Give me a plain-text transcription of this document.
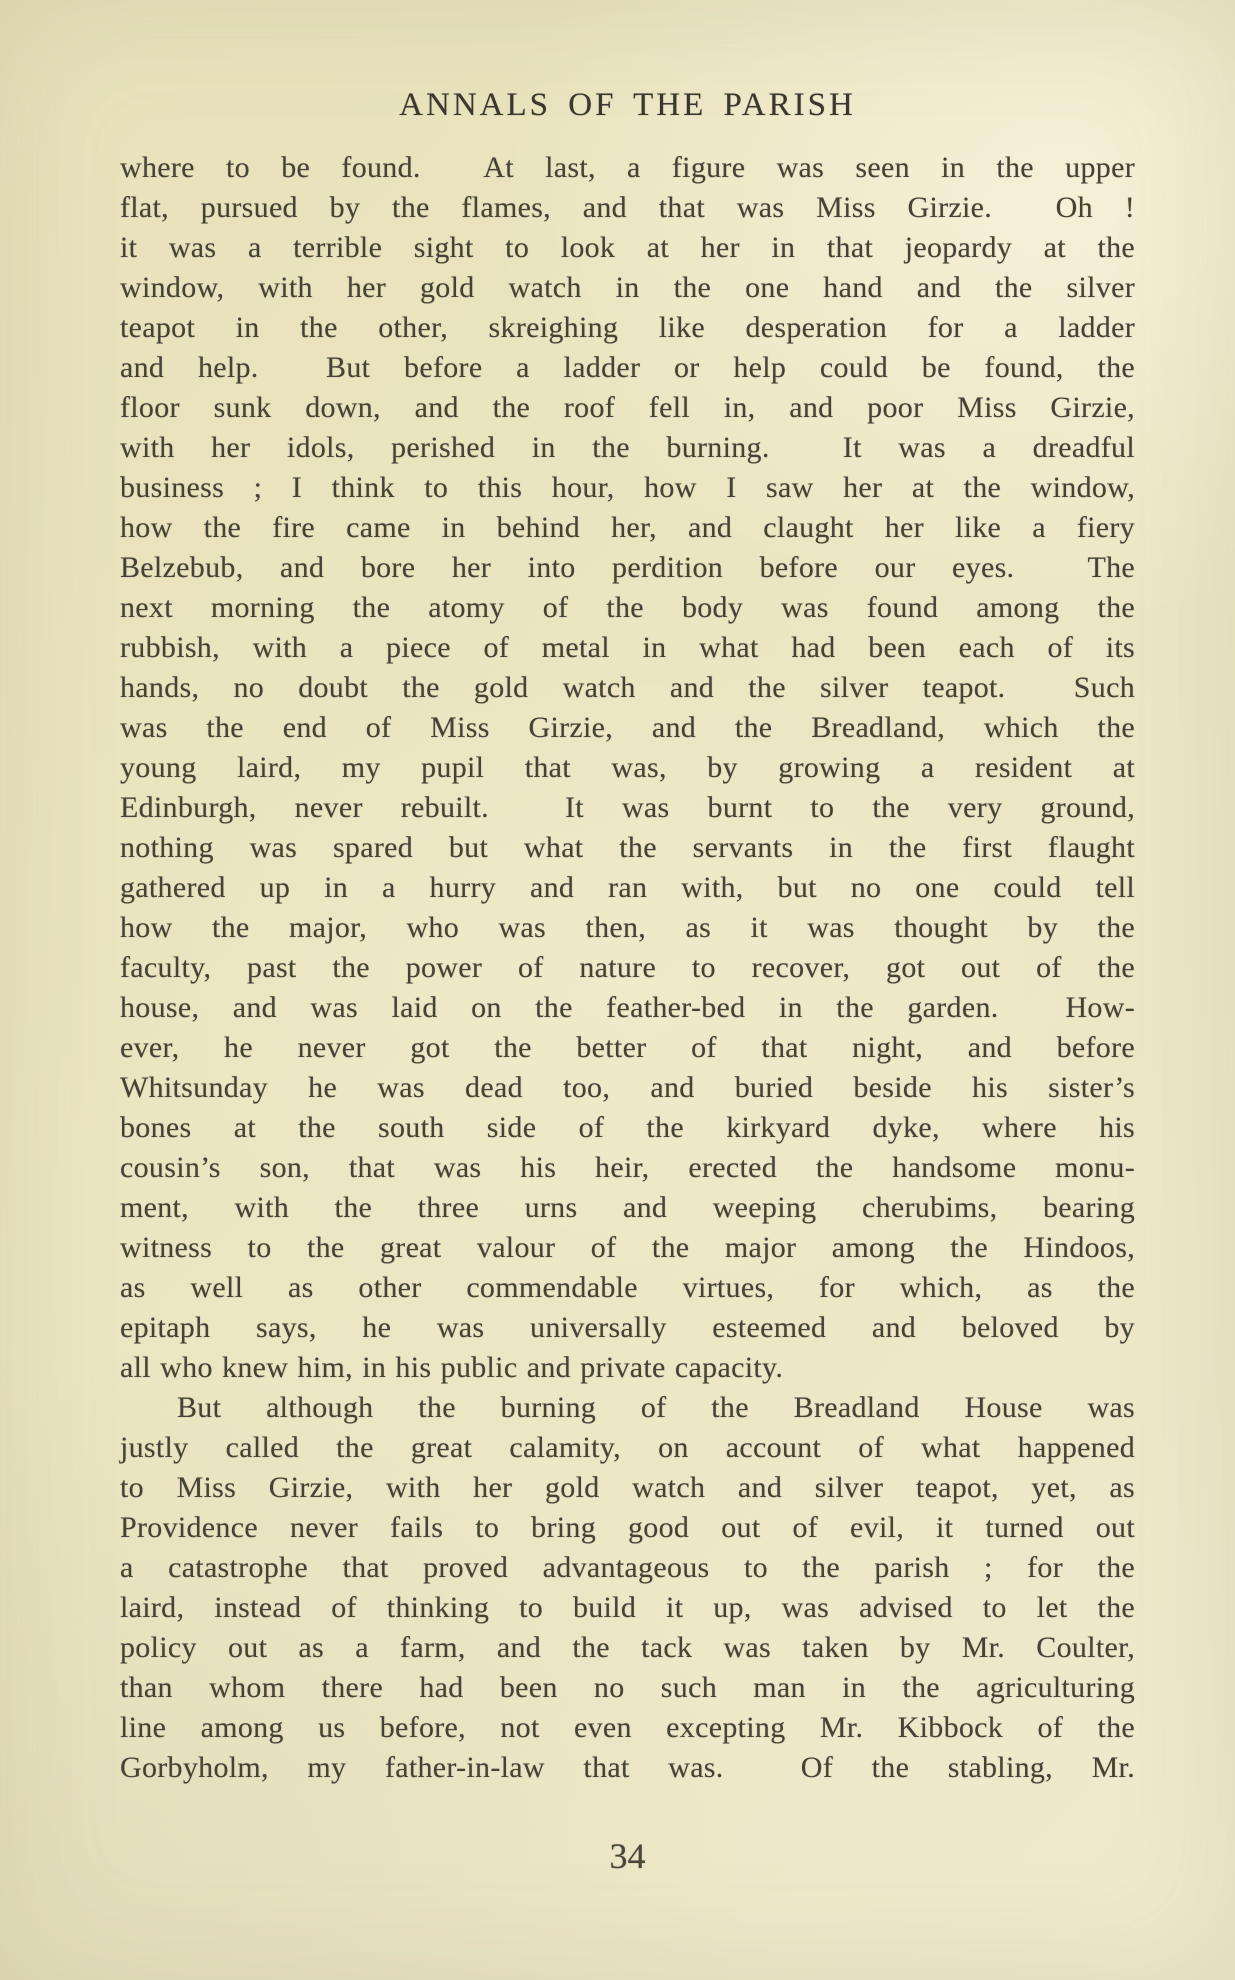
ANNALS OF THE PARISH
where to be found.  At last, a figure was seen in the upper
flat, pursued by the flames, and that was Miss Girzie.  Oh !
it was a terrible sight to look at her in that jeopardy at the
window, with her gold watch in the one hand and the silver
teapot in the other, skreighing like desperation for a ladder
and help.  But before a ladder or help could be found, the
floor sunk down, and the roof fell in, and poor Miss Girzie,
with her idols, perished in the burning.  It was a dreadful
business ; I think to this hour, how I saw her at the window,
how the fire came in behind her, and claught her like a fiery
Belzebub, and bore her into perdition before our eyes.  The
next morning the atomy of the body was found among the
rubbish, with a piece of metal in what had been each of its
hands, no doubt the gold watch and the silver teapot.  Such
was the end of Miss Girzie, and the Breadland, which the
young laird, my pupil that was, by growing a resident at
Edinburgh, never rebuilt.  It was burnt to the very ground,
nothing was spared but what the servants in the first flaught
gathered up in a hurry and ran with, but no one could tell
how the major, who was then, as it was thought by the
faculty, past the power of nature to recover, got out of the
house, and was laid on the feather-bed in the garden.  How-
ever, he never got the better of that night, and before
Whitsunday he was dead too, and buried beside his sister’s
bones at the south side of the kirkyard dyke, where his
cousin’s son, that was his heir, erected the handsome monu-
ment, with the three urns and weeping cherubims, bearing
witness to the great valour of the major among the Hindoos,
as well as other commendable virtues, for which, as the
epitaph says, he was universally esteemed and beloved by
all who knew him, in his public and private capacity.
But although the burning of the Breadland House was
justly called the great calamity, on account of what happened
to Miss Girzie, with her gold watch and silver teapot, yet, as
Providence never fails to bring good out of evil, it turned out
a catastrophe that proved advantageous to the parish ; for the
laird, instead of thinking to build it up, was advised to let the
policy out as a farm, and the tack was taken by Mr. Coulter,
than whom there had been no such man in the agriculturing
line among us before, not even excepting Mr. Kibbock of the
Gorbyholm, my father-in-law that was.  Of the stabling, Mr.
34
